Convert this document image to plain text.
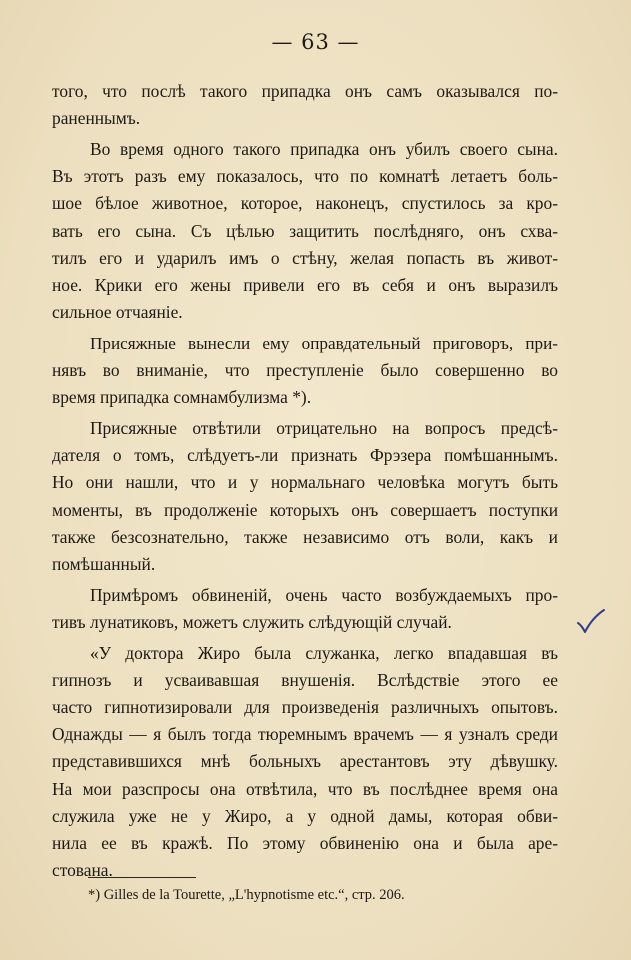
— 63 —

того, что послѣ такого припадка онъ самъ оказывался по-
раненнымъ.

Во время одного такого припадка онъ убилъ своего сына.
Въ этотъ разъ ему показалось, что по комнатѣ летаетъ боль-
шое бѣлое животное, которое, наконецъ, спустилось за кро-
вать его сына. Съ цѣлью защитить послѣдняго, онъ схва-
тилъ его и ударилъ имъ о стѣну, желая попасть въ живот-
ное. Крики его жены привели его въ себя и онъ выразилъ
сильное отчаяніе.

Присяжные вынесли ему оправдательный приговоръ, при-
нявъ во вниманіе, что преступленіе было совершенно во
время припадка сомнамбулизма *).

Присяжные отвѣтили отрицательно на вопросъ предсѣ-
дателя о томъ, слѣдуетъ-ли признать Фрэзера помѣшаннымъ.
Но они нашли, что и у нормальнаго человѣка могутъ быть
моменты, въ продолженіе которыхъ онъ совершаетъ поступки
также безсознательно, также независимо отъ воли, какъ и
помѣшанный.

Примѣромъ обвиненій, очень часто возбуждаемыхъ про-
тивъ лунатиковъ, можетъ служить слѣдующій случай.

«У доктора Жиро была служанка, легко впадавшая въ
гипнозъ и усваивавшая внушенія. Вслѣдствіе этого ее
часто гипнотизировали для произведенія различныхъ опытовъ.
Однажды — я былъ тогда тюремнымъ врачемъ — я узналъ среди
представившихся мнѣ больныхъ арестантовъ эту дѣвушку.
На мои разспросы она отвѣтила, что въ послѣднее время она
служила уже не у Жиро, а у одной дамы, которая обви-
нила ее въ кражѣ. По этому обвиненію она и была аре-
стована.

*) Gilles de la Tourette, „L'hypnotisme etc.“, стр. 206.
